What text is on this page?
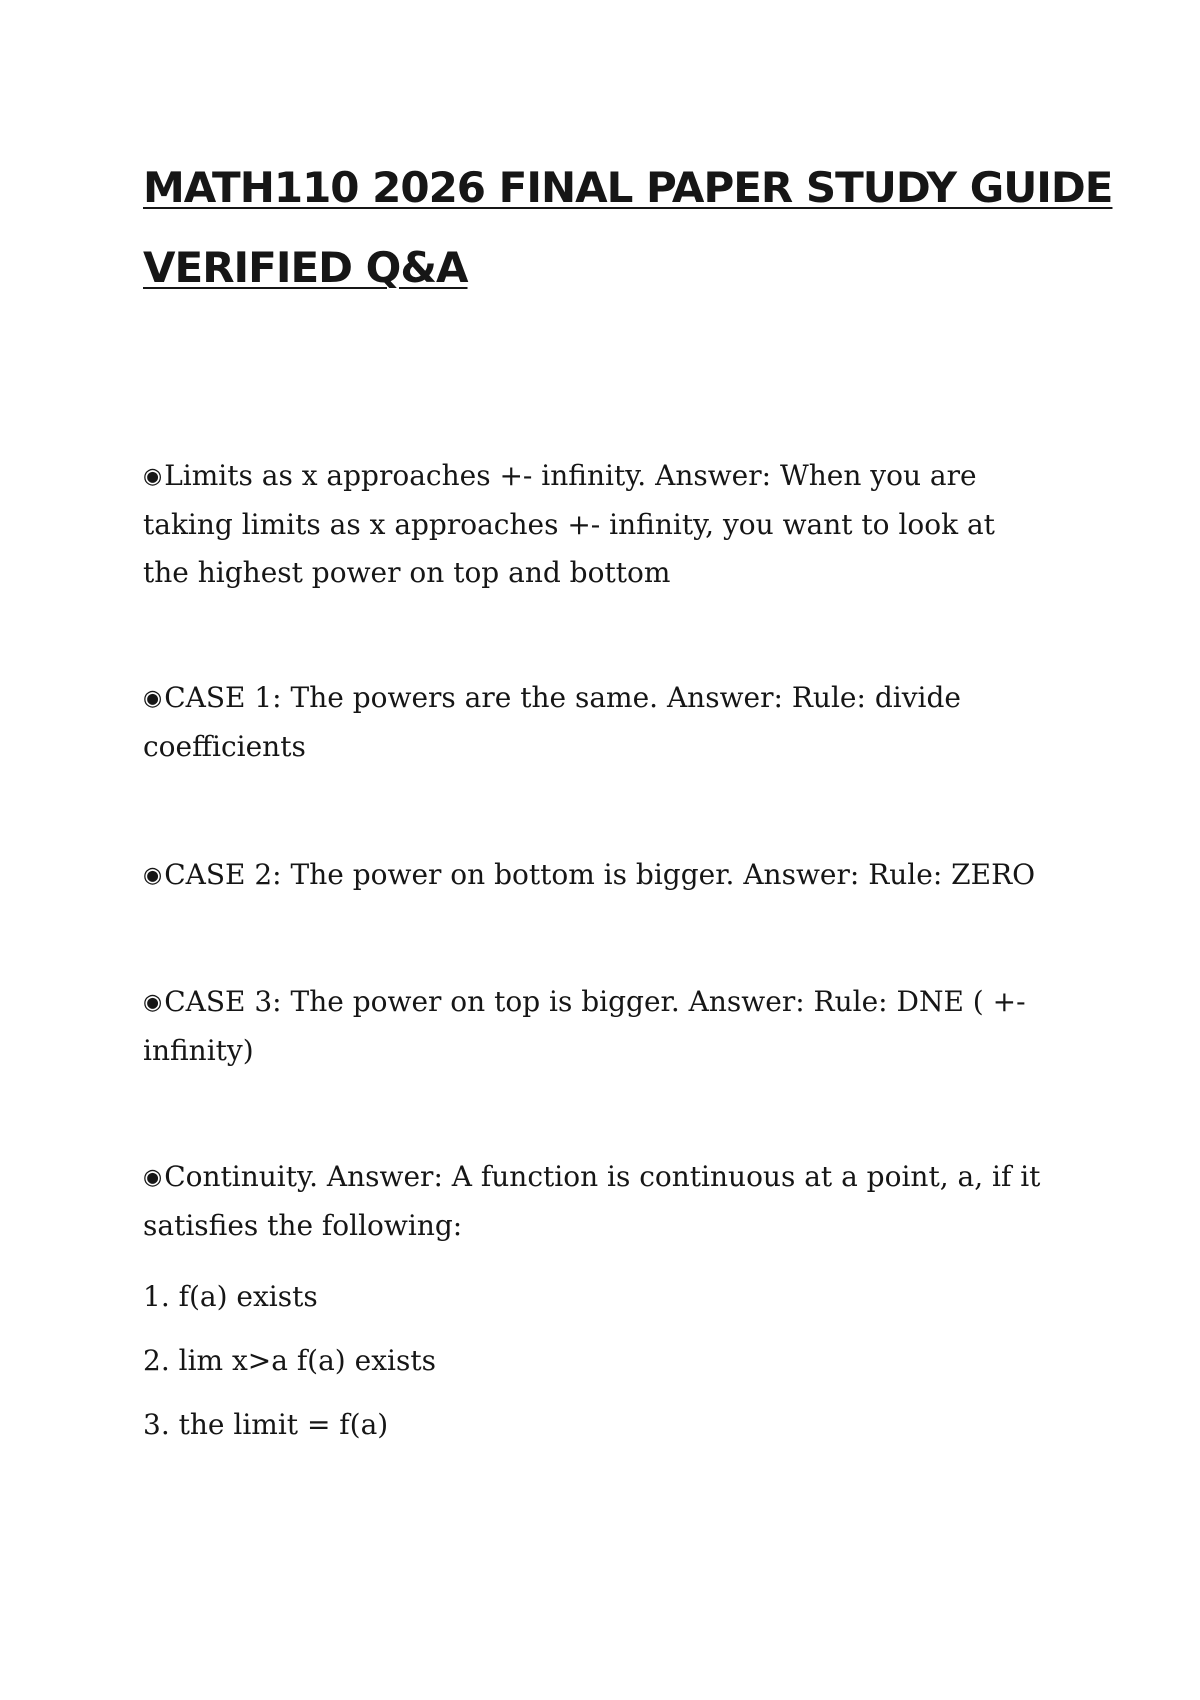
MATH110 2026 FINAL PAPER STUDY GUIDE
VERIFIED Q&A

◉Limits as x approaches +- infinity. Answer: When you are taking limits as x approaches +- infinity, you want to look at the highest power on top and bottom

◉CASE 1: The powers are the same. Answer: Rule: divide coefficients

◉CASE 2: The power on bottom is bigger. Answer: Rule: ZERO

◉CASE 3: The power on top is bigger. Answer: Rule: DNE ( +- infinity)

◉Continuity. Answer: A function is continuous at a point, a, if it satisfies the following:

1. f(a) exists
2. lim x>a f(a) exists
3. the limit = f(a)
